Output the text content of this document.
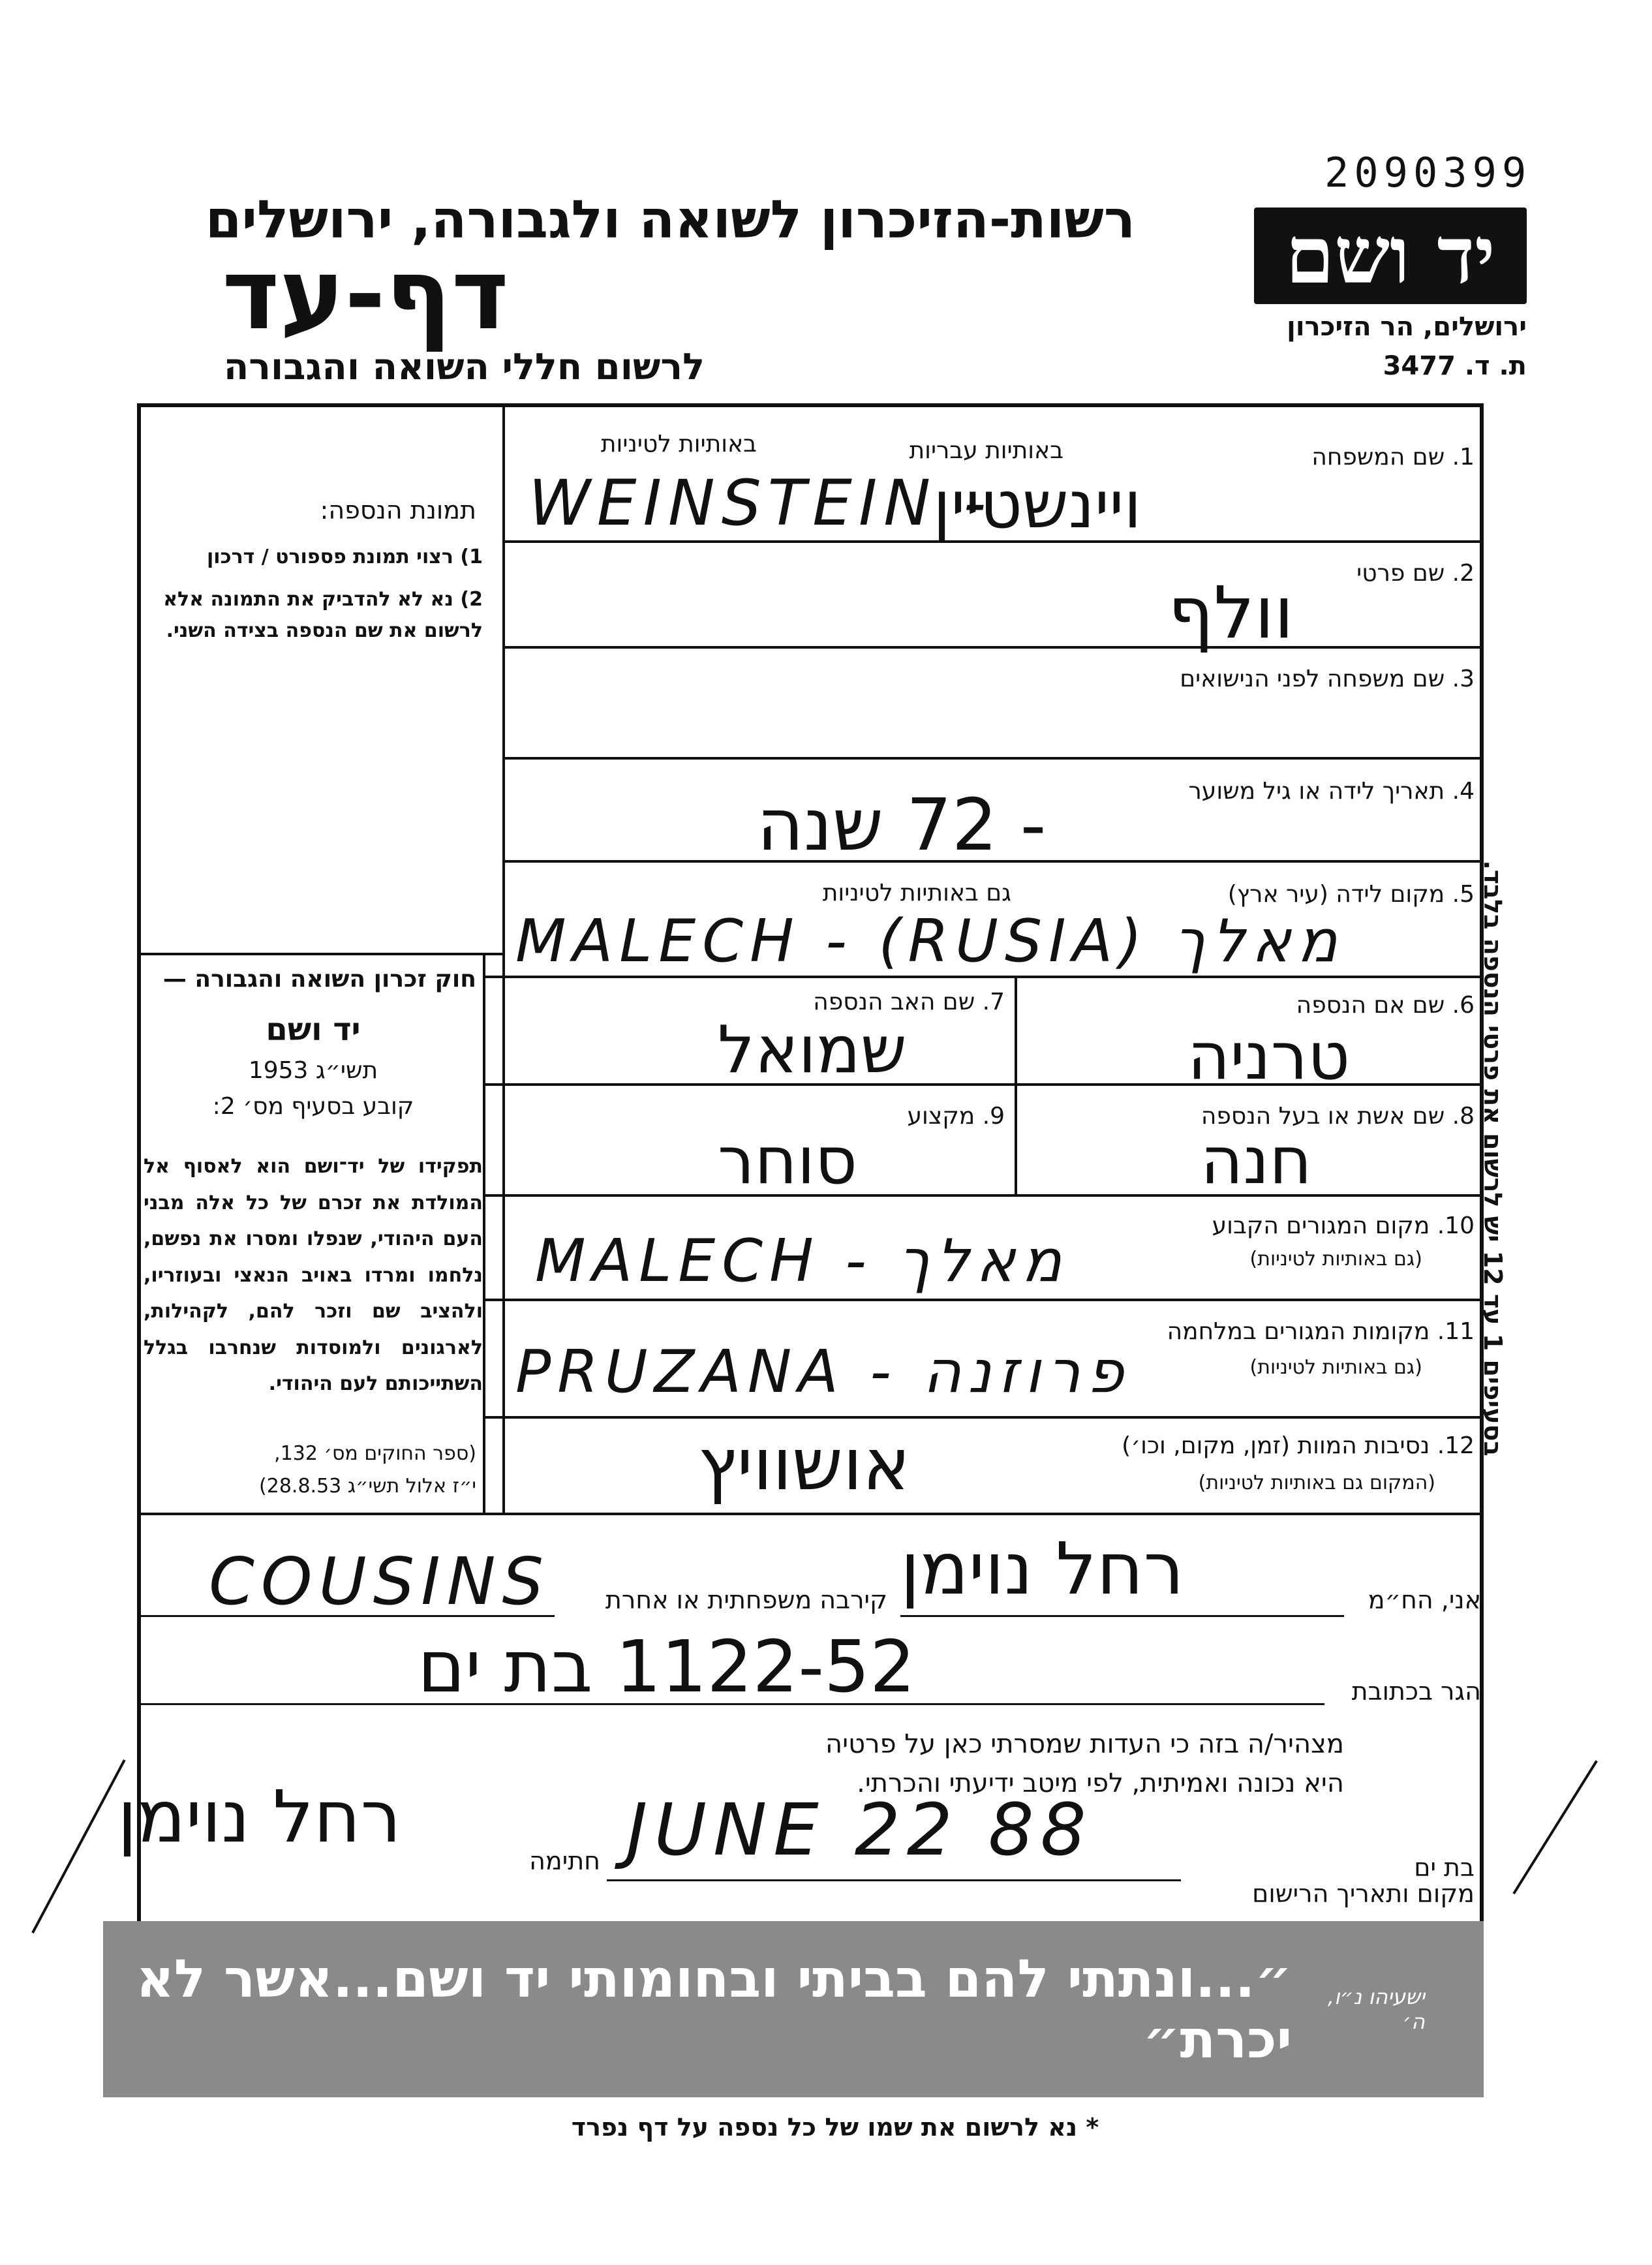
2090399
יד ושם
ירושלים, הר הזיכרון
ת. ד. 3477
רשות-הזיכרון לשואה ולגבורה, ירושלים
דף-עד
לרשום חללי השואה והגבורה
תמונת הנספה:
1) רצוי תמונת פספורט / דרכון
2) נא לא להדביק את התמונה אלא לרשום את שם הנספה בצידה השני.
חוק זכרון השואה והגבורה —
יד ושם
תשי״ג 1953
קובע בסעיף מס׳ 2:
תפקידו של יד־ושם הוא לאסוף אל המולדת את זכרם של כל אלה מבני העם היהודי, שנפלו ומסרו את נפשם, נלחמו ומרדו באויב הנאצי ובעוזריו, ולהציב שם וזכר להם, לקהילות, לארגונים ולמוסדות שנחרבו בגלל השתייכותם לעם היהודי.
(ספר החוקים מס׳ 132,
י״ז אלול תשי״ג 28.8.53)
1. שם המשפחה
באותיות עבריות
באותיות לטיניות
WEINSTEIN -
ויינשטיין
2. שם פרטי
וולף
3. שם משפחה לפני הנישואים
4. תאריך לידה או גיל משוער
- 72 שנה
5. מקום לידה (עיר ארץ)
גם באותיות לטיניות
MALECH - (RUSIA) מאלך
6. שם אם הנספה
טרניה
7. שם האב הנספה
שמואל
8. שם אשת או בעל הנספה
חנה
9. מקצוע
סוחר
10. מקום המגורים הקבוע
(גם באותיות לטיניות)
MALECH - מאלך
11. מקומות המגורים במלחמה
(גם באותיות לטיניות)
PRUZANA - פרוזנה
12. נסיבות המוות (זמן, מקום, וכו׳)
(המקום גם באותיות לטיניות)
אושוויץ
אני, הח״מ
רחל נוימן
קירבה משפחתית או אחרת
COUSINS
הגר בכתובת
1122-52 בת ים
מצהיר/ה בזה כי העדות שמסרתי כאן על פרטיה
היא נכונה ואמיתית, לפי מיטב ידיעתי והכרתי.
בת ים
מקום ותאריך הרישום
JUNE 22 88
חתימה
רחל נוימן
״...ונתתי להם בביתי ובחומותי יד ושם...אשר לא יכרת״
ישעיהו נ״ו, ה׳
* נא לרשום את שמו של כל נספה על דף נפרד
בסעיפים 1 עד 12 יש לרשום את פרטי הנספה בלבד.
